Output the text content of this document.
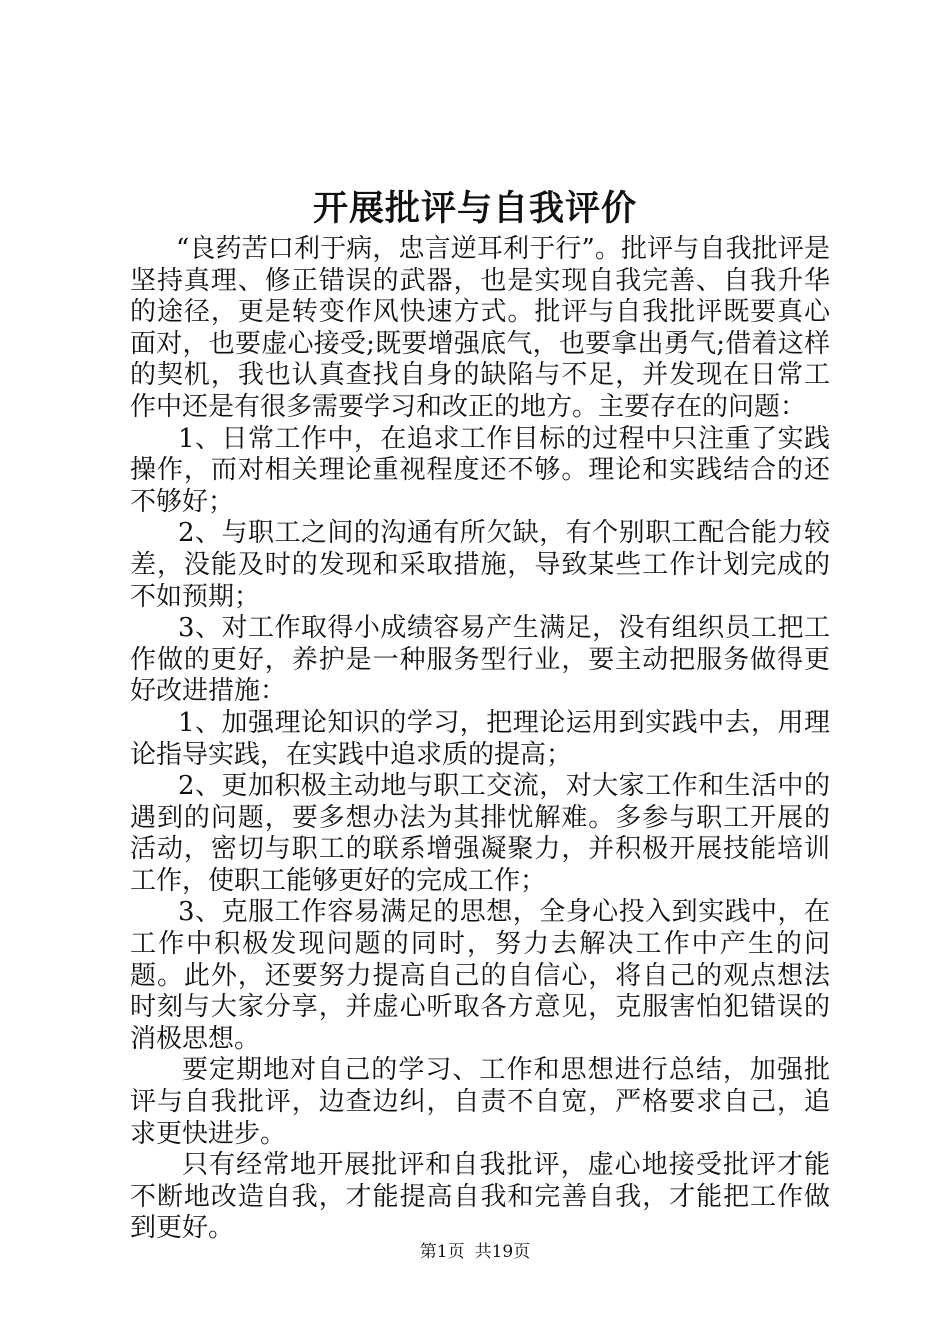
开展批评与自我评价

“良药苦口利于病，忠言逆耳利于行”。批评与自我批评是坚持真理、修正错误的武器，也是实现自我完善、自我升华的途径，更是转变作风快速方式。批评与自我批评既要真心面对，也要虚心接受;既要增强底气，也要拿出勇气;借着这样的契机，我也认真查找自身的缺陷与不足，并发现在日常工作中还是有很多需要学习和改正的地方。主要存在的问题：

1、日常工作中，在追求工作目标的过程中只注重了实践操作，而对相关理论重视程度还不够。理论和实践结合的还不够好；

2、与职工之间的沟通有所欠缺，有个别职工配合能力较差，没能及时的发现和采取措施，导致某些工作计划完成的不如预期；

3、对工作取得小成绩容易产生满足，没有组织员工把工作做的更好，养护是一种服务型行业，要主动把服务做得更好改进措施：

1、加强理论知识的学习，把理论运用到实践中去，用理论指导实践，在实践中追求质的提高；

2、更加积极主动地与职工交流，对大家工作和生活中的遇到的问题，要多想办法为其排忧解难。多参与职工开展的活动，密切与职工的联系增强凝聚力，并积极开展技能培训工作，使职工能够更好的完成工作；

3、克服工作容易满足的思想，全身心投入到实践中，在工作中积极发现问题的同时，努力去解决工作中产生的问题。此外，还要努力提高自己的自信心，将自己的观点想法时刻与大家分享，并虚心听取各方意见，克服害怕犯错误的消极思想。

要定期地对自己的学习、工作和思想进行总结，加强批评与自我批评，边查边纠，自责不自宽，严格要求自己，追求更快进步。

只有经常地开展批评和自我批评，虚心地接受批评才能不断地改造自我，才能提高自我和完善自我，才能把工作做到更好。

第1页 共19页
